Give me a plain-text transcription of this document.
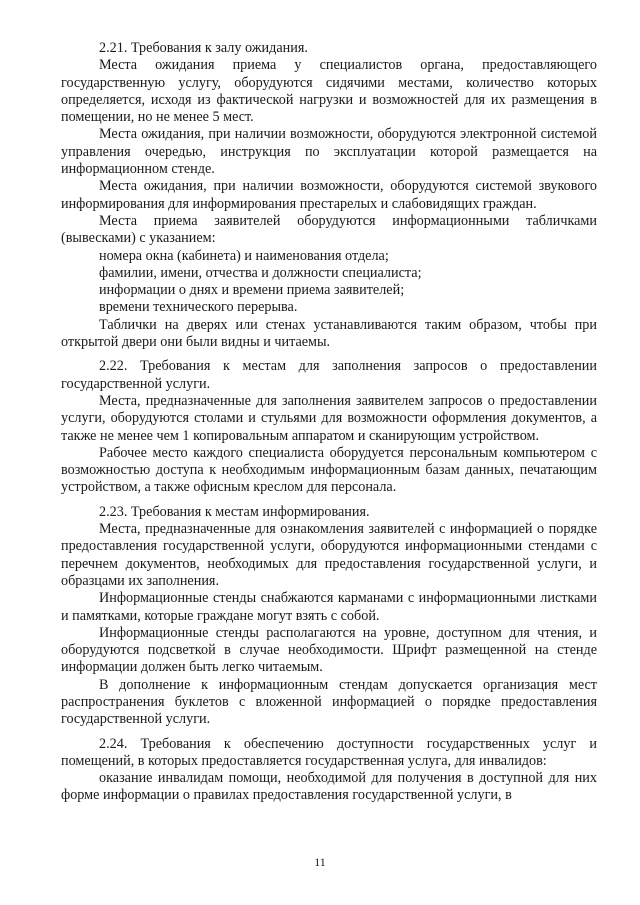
2.21. Требования к залу ожидания.

Места ожидания приема у специалистов органа, предоставляющего государственную услугу, оборудуются сидячими местами, количество которых определяется, исходя из фактической нагрузки и возможностей для их размещения в помещении, но не менее 5 мест.

Места ожидания, при наличии возможности, оборудуются электронной системой управления очередью, инструкция по эксплуатации которой размещается на информационном стенде.

Места ожидания, при наличии возможности, оборудуются системой звукового информирования для информирования престарелых и слабовидящих граждан.

Места приема заявителей оборудуются информационными табличками (вывесками) с указанием:

номера окна (кабинета) и наименования отдела;

фамилии, имени, отчества и должности специалиста;

информации о днях и времени приема заявителей;

времени технического перерыва.

Таблички на дверях или стенах устанавливаются таким образом, чтобы при открытой двери они были видны и читаемы.

2.22. Требования к местам для заполнения запросов о предоставлении государственной услуги.

Места, предназначенные для заполнения заявителем запросов о предоставлении услуги, оборудуются столами и стульями для возможности оформления документов, а также не менее чем 1 копировальным аппаратом и сканирующим устройством.

Рабочее место каждого специалиста оборудуется персональным компьютером с возможностью доступа к необходимым информационным базам данных, печатающим устройством, а также офисным креслом для персонала.

2.23. Требования к местам информирования.

Места, предназначенные для ознакомления заявителей с информацией о порядке предоставления государственной услуги, оборудуются информационными стендами с перечнем документов, необходимых для предоставления государственной услуги, и образцами их заполнения.

Информационные стенды снабжаются карманами с информационными листками и памятками, которые граждане могут взять с собой.

Информационные стенды располагаются на уровне, доступном для чтения, и оборудуются подсветкой в случае необходимости. Шрифт размещенной на стенде информации должен быть легко читаемым.

В дополнение к информационным стендам допускается организация мест распространения буклетов с вложенной информацией о порядке предоставления государственной услуги.

2.24. Требования к обеспечению доступности государственных услуг и помещений, в которых предоставляется государственная услуга, для инвалидов:

оказание инвалидам помощи, необходимой для получения в доступной для них форме информации о правилах предоставления государственной услуги, в

11
